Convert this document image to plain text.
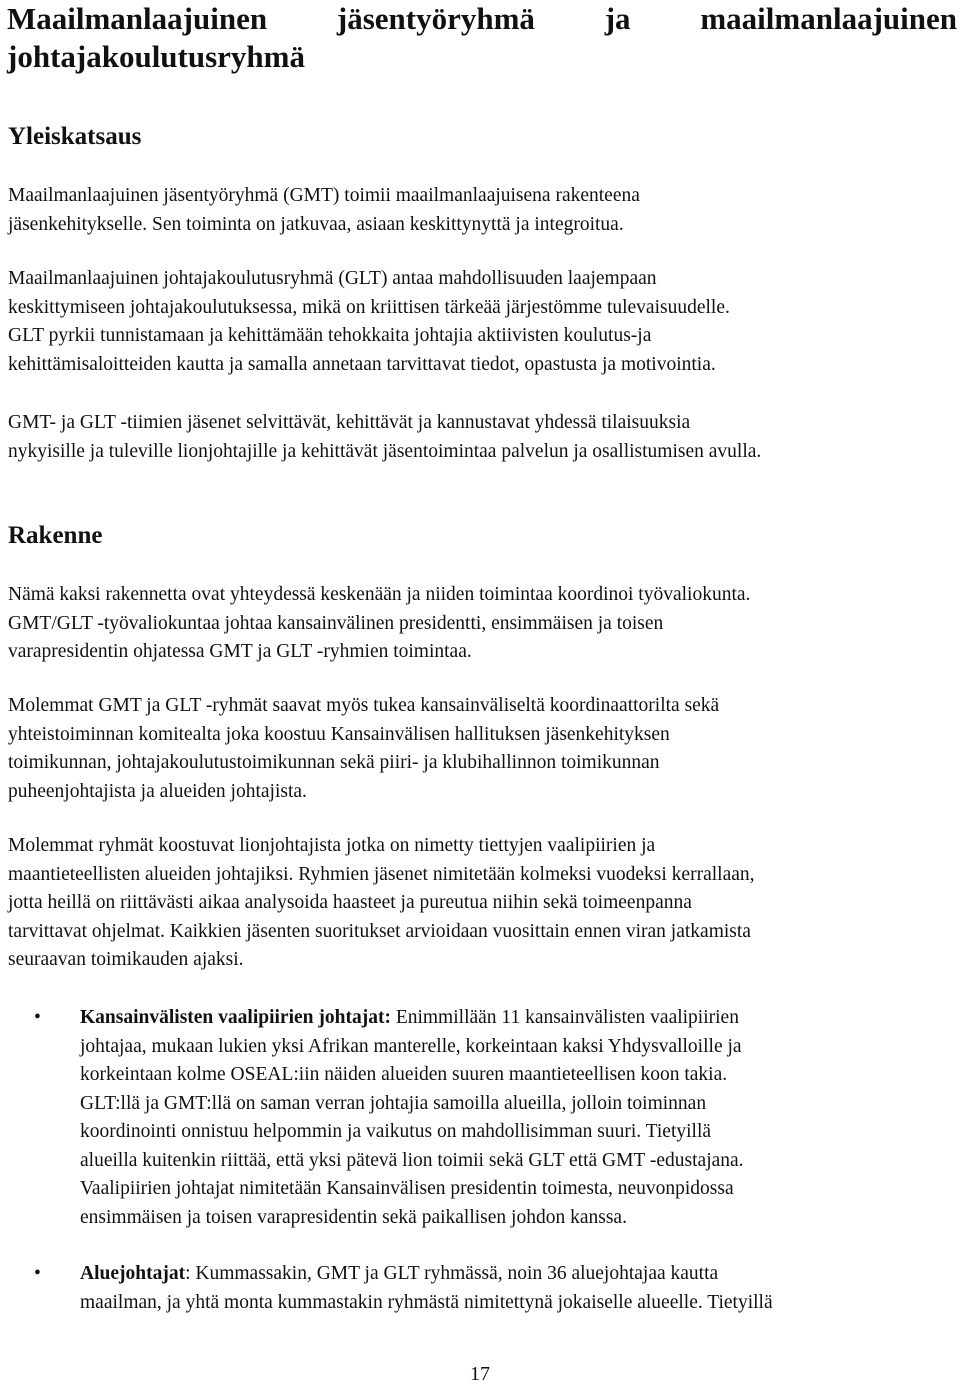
Maailmanlaajuinen jäsentyöryhmä ja maailmanlaajuinen
johtajakoulutusryhmä
Yleiskatsaus

Maailmanlaajuinen jäsentyöryhmä (GMT) toimii maailmanlaajuisena rakenteena
jäsenkehitykselle. Sen toiminta on jatkuvaa, asiaan keskittynyttä ja integroitua.

Maailmanlaajuinen johtajakoulutusryhmä (GLT) antaa mahdollisuuden laajempaan
keskittymiseen johtajakoulutuksessa, mikä on kriittisen tärkeää järjestömme tulevaisuudelle.
GLT pyrkii tunnistamaan ja kehittämään tehokkaita johtajia aktiivisten koulutus-ja
kehittämisaloitteiden kautta ja samalla annetaan tarvittavat tiedot, opastusta ja motivointia.

GMT- ja GLT -tiimien jäsenet selvittävät, kehittävät ja kannustavat yhdessä tilaisuuksia
nykyisille ja tuleville lionjohtajille ja kehittävät jäsentoimintaa palvelun ja osallistumisen avulla.

Rakenne

Nämä kaksi rakennetta ovat yhteydessä keskenään ja niiden toimintaa koordinoi työvaliokunta.
GMT/GLT -työvaliokuntaa johtaa kansainvälinen presidentti, ensimmäisen ja toisen
varapresidentin ohjatessa GMT ja GLT -ryhmien toimintaa.

Molemmat GMT ja GLT -ryhmät saavat myös tukea kansainväliseltä koordinaattorilta sekä
yhteistoiminnan komitealta joka koostuu Kansainvälisen hallituksen jäsenkehityksen
toimikunnan, johtajakoulutustoimikunnan sekä piiri- ja klubihallinnon toimikunnan
puheenjohtajista ja alueiden johtajista.

Molemmat ryhmät koostuvat lionjohtajista jotka on nimetty tiettyjen vaalipiirien ja
maantieteellisten alueiden johtajiksi. Ryhmien jäsenet nimitetään kolmeksi vuodeksi kerrallaan,
jotta heillä on riittävästi aikaa analysoida haasteet ja pureutua niihin sekä toimeenpanna
tarvittavat ohjelmat. Kaikkien jäsenten suoritukset arvioidaan vuosittain ennen viran jatkamista
seuraavan toimikauden ajaksi.

• Kansainvälisten vaalipiirien johtajat: Enimmillään 11 kansainvälisten vaalipiirien
johtajaa, mukaan lukien yksi Afrikan manterelle, korkeintaan kaksi Yhdysvalloille ja
korkeintaan kolme OSEAL:iin näiden alueiden suuren maantieteellisen koon takia.
GLT:llä ja GMT:llä on saman verran johtajia samoilla alueilla, jolloin toiminnan
koordinointi onnistuu helpommin ja vaikutus on mahdollisimman suuri. Tietyillä
alueilla kuitenkin riittää, että yksi pätevä lion toimii sekä GLT että GMT -edustajana.
Vaalipiirien johtajat nimitetään Kansainvälisen presidentin toimesta, neuvonpidossa
ensimmäisen ja toisen varapresidentin sekä paikallisen johdon kanssa.
• Aluejohtajat: Kummassakin, GMT ja GLT ryhmässä, noin 36 aluejohtajaa kautta
maailman, ja yhtä monta kummastakin ryhmästä nimitettynä jokaiselle alueelle. Tietyillä
17
